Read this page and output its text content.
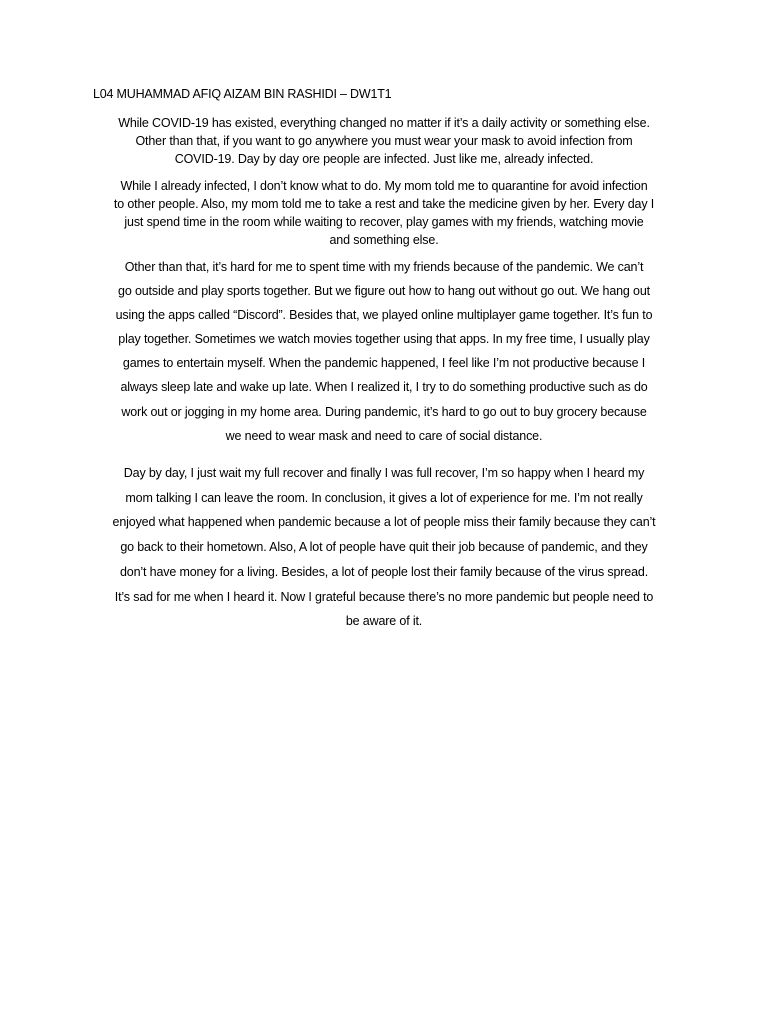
L04 MUHAMMAD AFIQ AIZAM BIN RASHIDI – DW1T1
While COVID-19 has existed, everything changed no matter if it’s a daily activity or something else.
Other than that, if you want to go anywhere you must wear your mask to avoid infection from
COVID-19. Day by day ore people are infected. Just like me, already infected.
While I already infected, I don’t know what to do. My mom told me to quarantine for avoid infection
to other people. Also, my mom told me to take a rest and take the medicine given by her. Every day I
just spend time in the room while waiting to recover, play games with my friends, watching movie
and something else.
Other than that, it’s hard for me to spent time with my friends because of the pandemic. We can’t
go outside and play sports together. But we figure out how to hang out without go out. We hang out
using the apps called “Discord”. Besides that, we played online multiplayer game together. It’s fun to
play together. Sometimes we watch movies together using that apps. In my free time, I usually play
games to entertain myself. When the pandemic happened, I feel like I’m not productive because I
always sleep late and wake up late. When I realized it, I try to do something productive such as do
work out or jogging in my home area. During pandemic, it’s hard to go out to buy grocery because
we need to wear mask and need to care of social distance.
Day by day, I just wait my full recover and finally I was full recover, I’m so happy when I heard my
mom talking I can leave the room. In conclusion, it gives a lot of experience for me. I’m not really
enjoyed what happened when pandemic because a lot of people miss their family because they can’t
go back to their hometown. Also, A lot of people have quit their job because of pandemic, and they
don’t have money for a living. Besides, a lot of people lost their family because of the virus spread.
It’s sad for me when I heard it. Now I grateful because there’s no more pandemic but people need to
be aware of it.
